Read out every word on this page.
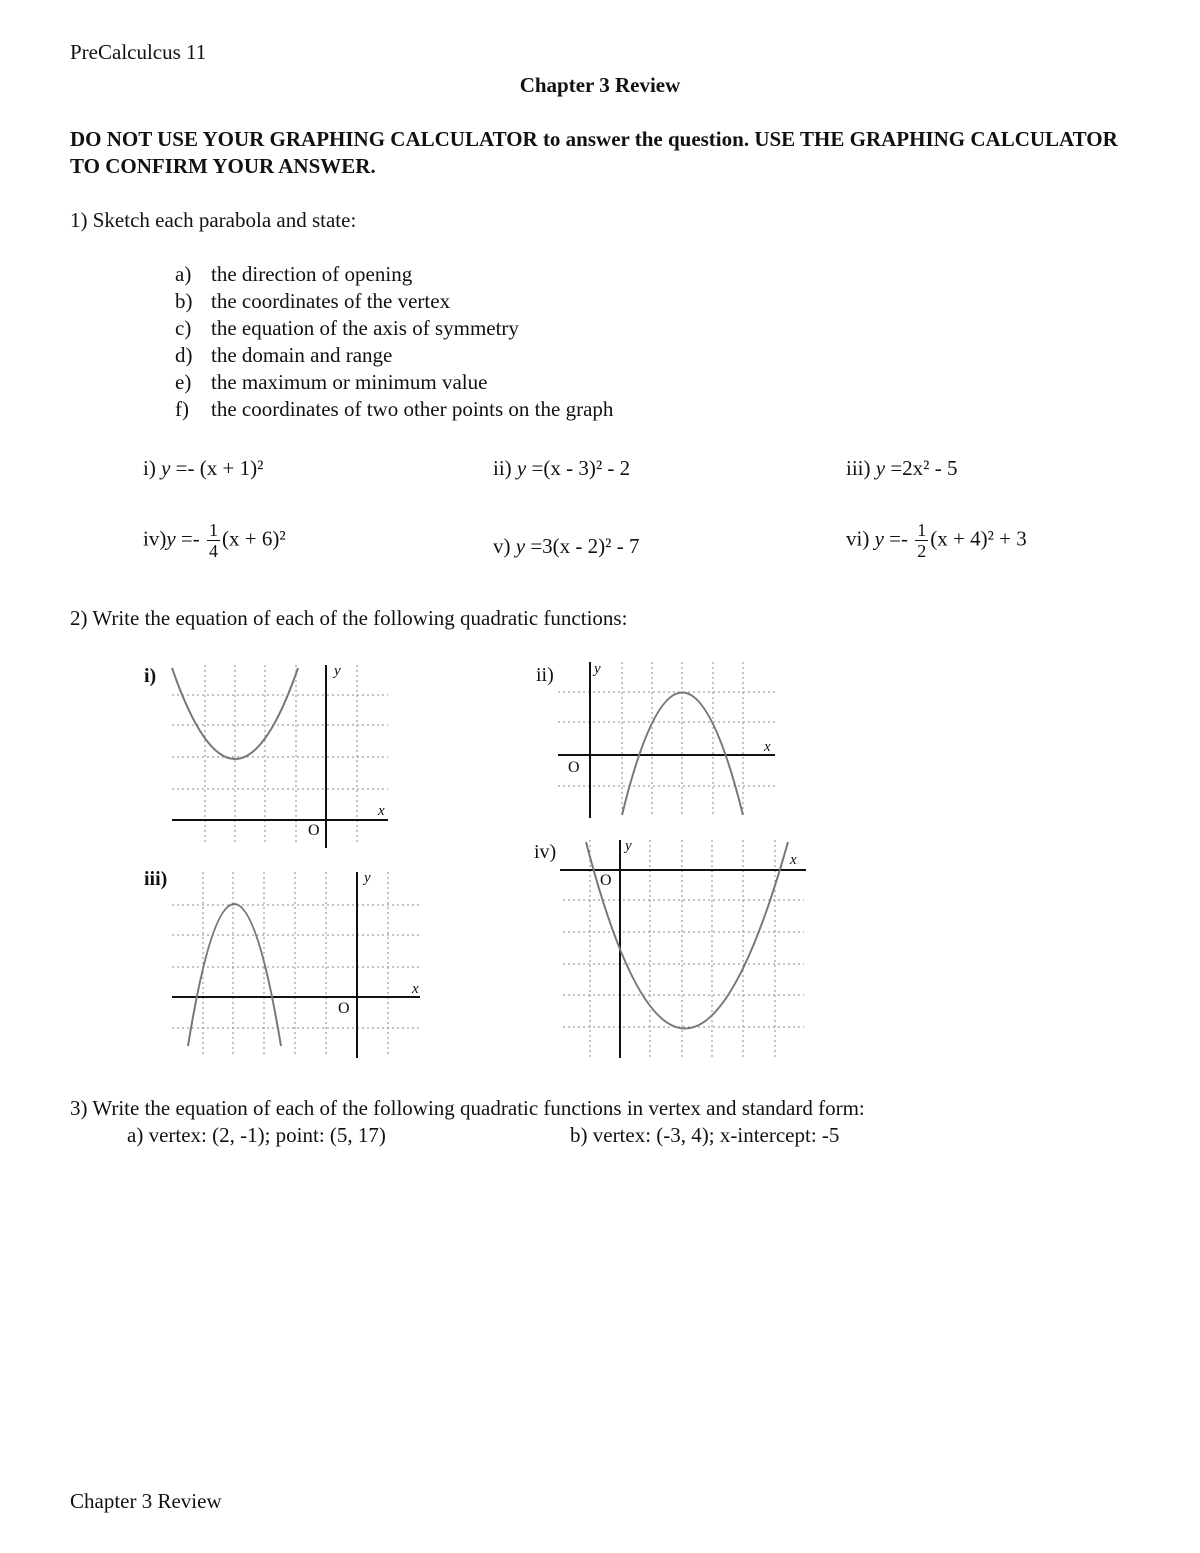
PreCalculcus 11
Chapter 3 Review
DO NOT USE YOUR GRAPHING CALCULATOR to answer the question. USE THE GRAPHING CALCULATOR TO CONFIRM YOUR ANSWER.
1) Sketch each parabola and state:
a) the direction of opening
b) the coordinates of the vertex
c) the equation of the axis of symmetry
d) the domain and range
e) the maximum or minimum value
f) the coordinates of two other points on the graph
i) y =- (x + 1)²	ii) y =(x - 3)² - 2	iii) y =2x² - 5
$iv)y =- \frac{1}{4} (x + 6)^2$	v) y =3(x - 2)² - 7	vi) $y =- \frac{1}{2} (x + 4)^2 + 3$
2) Write the equation of each of the following quadratic functions:
i)	y
x
O
ii)	y
x
O
iii)	y
x
O
iv)	y
x
O
3) Write the equation of each of the following quadratic functions in vertex and standard form:
a) vertex: (2, -1); point: (5, 17)	b) vertex: (-3, 4); x-intercept: -5
Chapter 3 Review
